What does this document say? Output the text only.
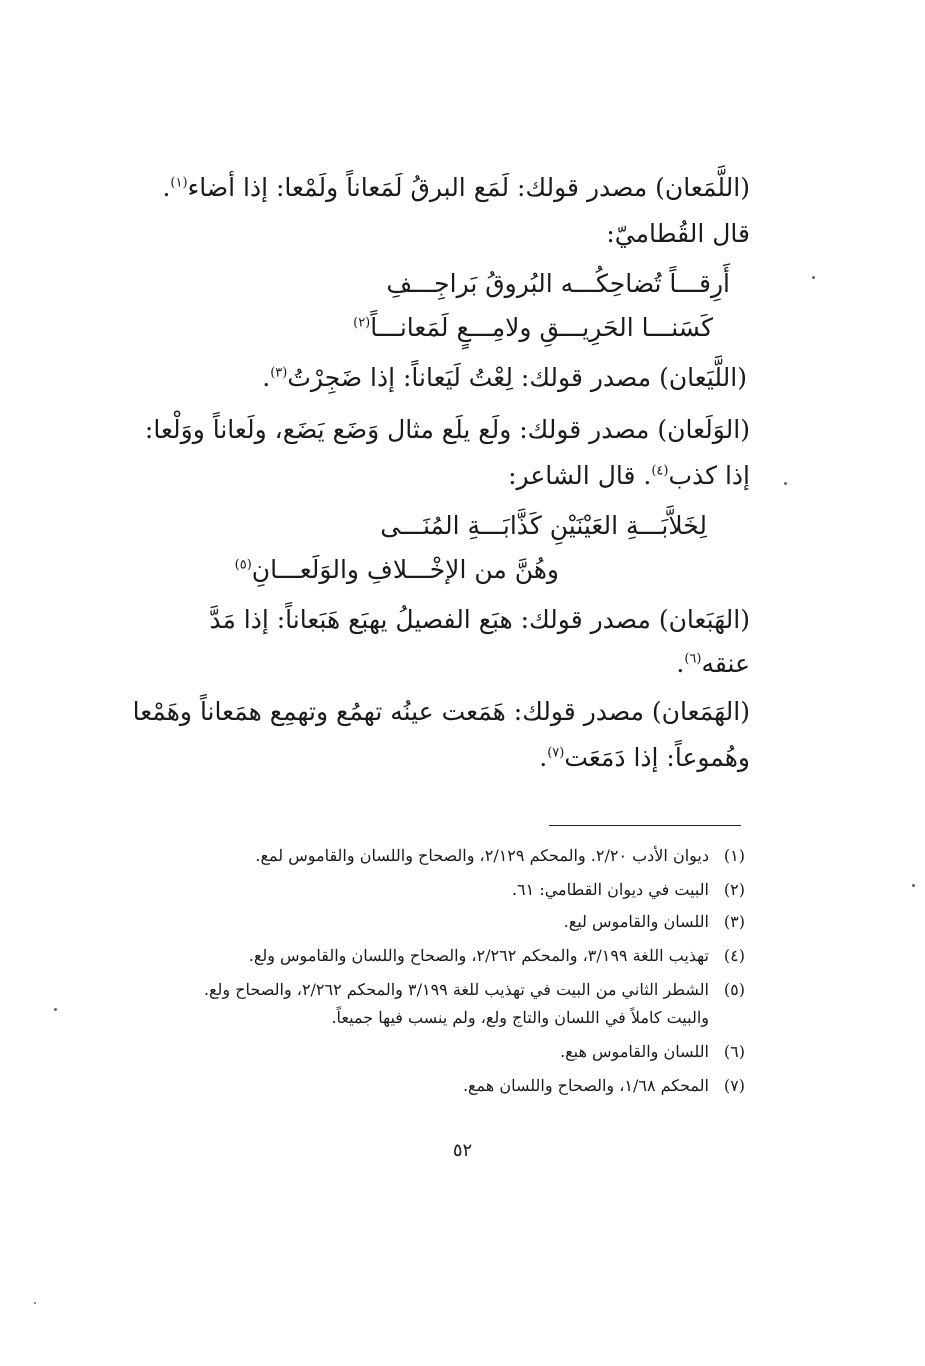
(اللَّمَعان) مصدر قولك: لَمَع البرقُ لَمَعاناً ولَمْعا: إذا أضاء$^{(١)}$.
قال القُطاميّ:
أَرِقـــاً تُضاحِكُـــه البُروقُ بَراجِـــفِ
كَسَنـــا الحَرِيـــقِ ولامِـــعٍ لَمَعانـــاً$^{(٢)}$
(اللَّيَعان) مصدر قولك: لِعْتُ لَيَعاناً: إذا ضَجِرْتُ$^{(٣)}$.
(الوَلَعان) مصدر قولك: ولَع يلَع مثال وَضَع يَضَع، ولَعاناً ووَلْعا:
إذا كذب$^{(٤)}$. قال الشاعر:
لِخَلاَّبَـــةِ العَيْنَيْنِ كَذَّابَـــةِ المُنَـــى
وهُنَّ من الإخْـــلافِ والوَلَعـــانِ$^{(٥)}$
(الهَبَعان) مصدر قولك: هبَع الفصيلُ يهبَع هَبَعاناً: إذا مَدَّ
عنقه$^{(٦)}$.
(الهَمَعان) مصدر قولك: هَمَعت عينُه تهمُع وتهمِع همَعاناً وهَمْعا
وهُموعاً: إذا دَمَعَت$^{(٧)}$.
(١)ديوان الأدب ٢/٢٠. والمحكم ٢/١٢٩، والصحاح واللسان والقاموس لمع.
(٢)البيت في ديوان القطامي: ٦١.
(٣)اللسان والقاموس ليع.
(٤)تهذيب اللغة ٣/١٩٩، والمحكم ٢/٢٦٢، والصحاح واللسان والقاموس ولع.
(٥)الشطر الثاني من البيت في تهذيب للغة ٣/١٩٩ والمحكم ٢/٢٦٢، والصحاح ولع.
والبيت كاملاً في اللسان والتاج ولع، ولم ينسب فيها جميعاً.
(٦)اللسان والقاموس هبع.
(٧)المحكم ١/٦٨، والصحاح واللسان همع.
٥٢
